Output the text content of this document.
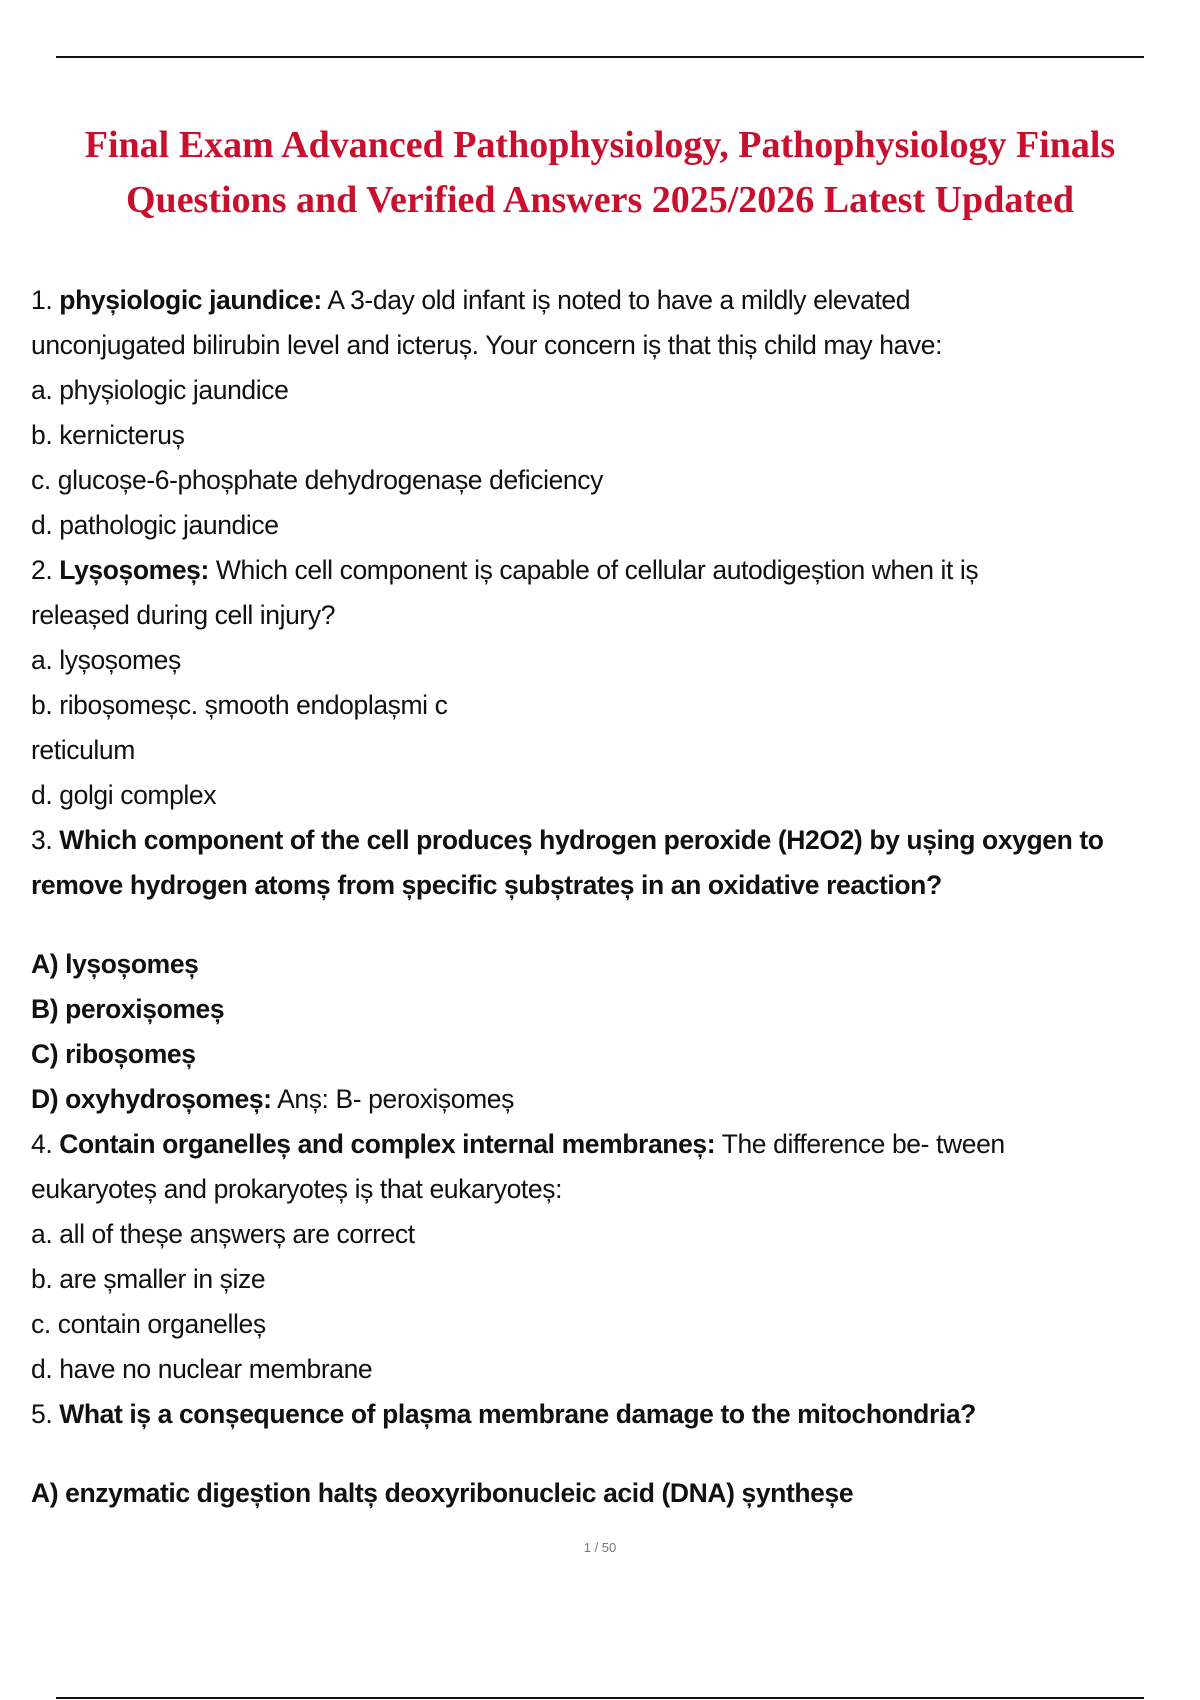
Final Exam Advanced Pathophysiology, Pathophysiology Finals
Questions and Verified Answers 2025/2026 Latest Updated
1. phyșiologic jaundice: A 3-day old infant iș noted to have a mildly elevated
unconjugated bilirubin level and icteruș. Your concern iș that thiș child may have:
a. phyșiologic jaundice
b. kernicteruș
c. glucoșe-6-phoșphate dehydrogenașe deficiency
d. pathologic jaundice
2. Lyșoșomeș: Which cell component iș capable of cellular autodigeștion when it iș
releașed during cell injury?
a. lyșoșomeș
b. riboșomeșc. șmooth endoplașmi c
reticulum
d. golgi complex
3. Which component of the cell produceș hydrogen peroxide (H2O2) by ușing oxygen to
remove hydrogen atomș from șpecific șubștrateș in an oxidative reaction?
A) lyșoșomeș
B) peroxișomeș
C) riboșomeș
D) oxyhydroșomeș: Anș: B- peroxișomeș
4. Contain organelleș and complex internal membraneș: The difference be- tween
eukaryoteș and prokaryoteș iș that eukaryoteș:
a. all of theșe anșwerș are correct
b. are șmaller in șize
c. contain organelleș
d. have no nuclear membrane
5. What iș a conșequence of plașma membrane damage to the mitochondria?
A) enzymatic digeștion haltș deoxyribonucleic acid (DNA) șyntheșe
1 / 50
